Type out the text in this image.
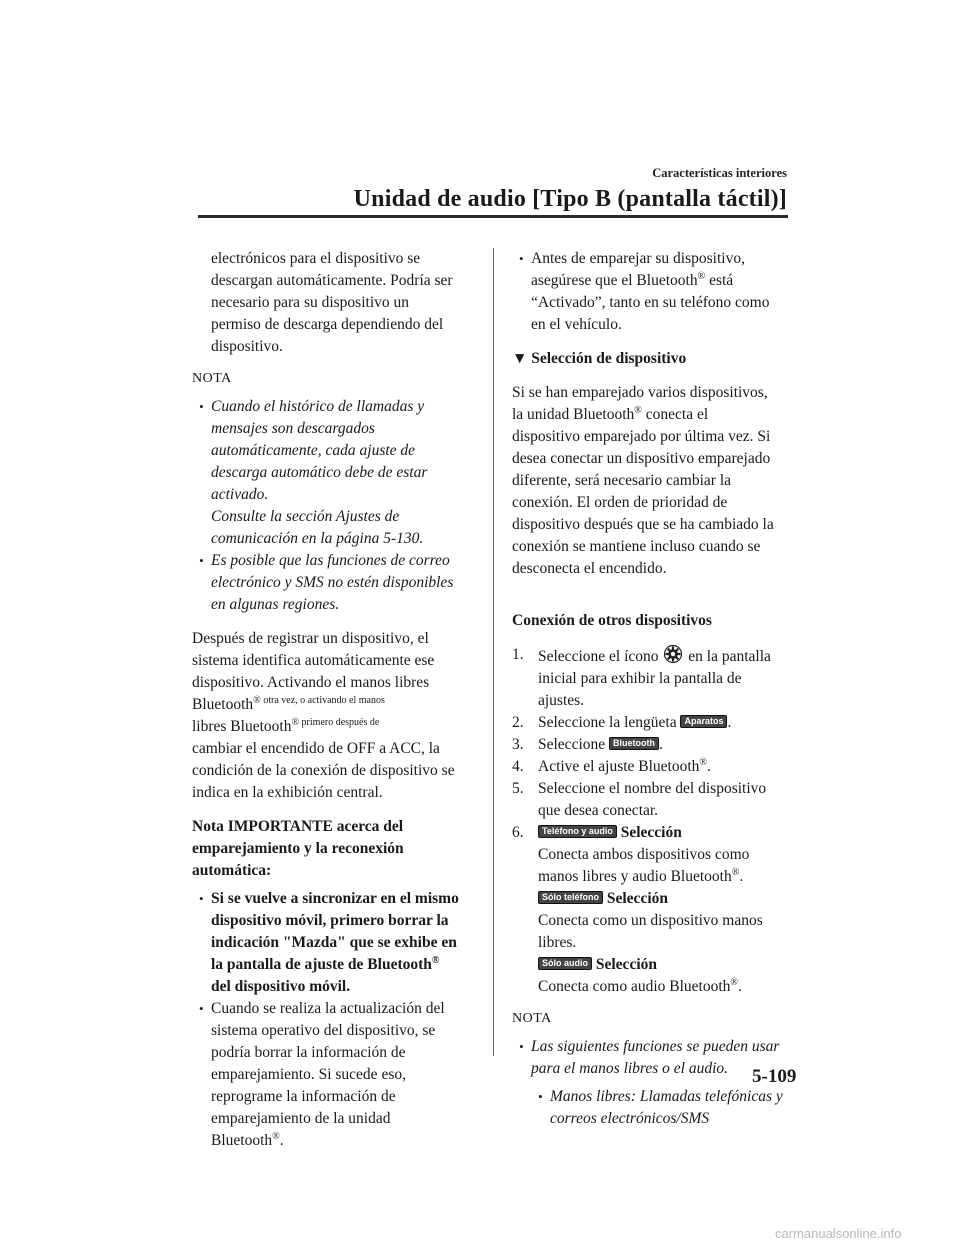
Características interiores
Unidad de audio [Tipo B (pantalla táctil)]

electrónicos para el dispositivo se

descargan automáticamente. Podría ser

necesario para su dispositivo un

permiso de descarga dependiendo del

dispositivo.

NOTA

• Cuando el histórico de llamadas y

mensajes son descargados

automáticamente, cada ajuste de

descarga automático debe de estar

activado.

Consulte la sección Ajustes de

comunicación en la página 5-130.

• Es posible que las funciones de correo

electrónico y SMS no estén disponibles

en algunas regiones.

Después de registrar un dispositivo, el

sistema identifica automáticamente ese

dispositivo. Activando el manos libres

Bluetooth$^{® otra vez, o activando el manos}$

libres Bluetooth$^{® primero después de}$

cambiar el encendido de OFF a ACC, la

condición de la conexión de dispositivo se

indica en la exhibición central.

Nota IMPORTANTE acerca del

emparejamiento y la reconexión

automática:

• Si se vuelve a sincronizar en el mismo

dispositivo móvil, primero borrar la

indicación "Mazda" que se exhibe en

la pantalla de ajuste de Bluetooth®

del dispositivo móvil.

• Cuando se realiza la actualización del

sistema operativo del dispositivo, se

podría borrar la información de

emparejamiento. Si sucede eso,

reprograme la información de

emparejamiento de la unidad

Bluetooth®.

• Antes de emparejar su dispositivo,

asegúrese que el Bluetooth® está

“Activado”, tanto en su teléfono como

en el vehículo.

▼ Selección de dispositivo

Si se han emparejado varios dispositivos,

la unidad Bluetooth® conecta el

dispositivo emparejado por última vez. Si

desea conectar un dispositivo emparejado

diferente, será necesario cambiar la

conexión. El orden de prioridad de

dispositivo después que se ha cambiado la

conexión se mantiene incluso cuando se

desconecta el encendido.

Conexión de otros dispositivos

1. Seleccione el ícono en la pantalla

inicial para exhibir la pantalla de

ajustes.

2. Seleccione la lengüeta Aparatos .

3. Seleccione Bluetooth .

4. Active el ajuste Bluetooth®.

5. Seleccione el nombre del dispositivo

que desea conectar.

6.	Teléfono y audio Selección

Conecta ambos dispositivos como

manos libres y audio Bluetooth®.

Sólo teléfono Selección

Conecta como un dispositivo manos

libres.

Sólo audio Selección

Conecta como audio Bluetooth®.

NOTA

• Las siguientes funciones se pueden usar

para el manos libres o el audio.

• Manos libres: Llamadas telefónicas y

correos electrónicos/SMS

5-109
carmanualsonline.info
